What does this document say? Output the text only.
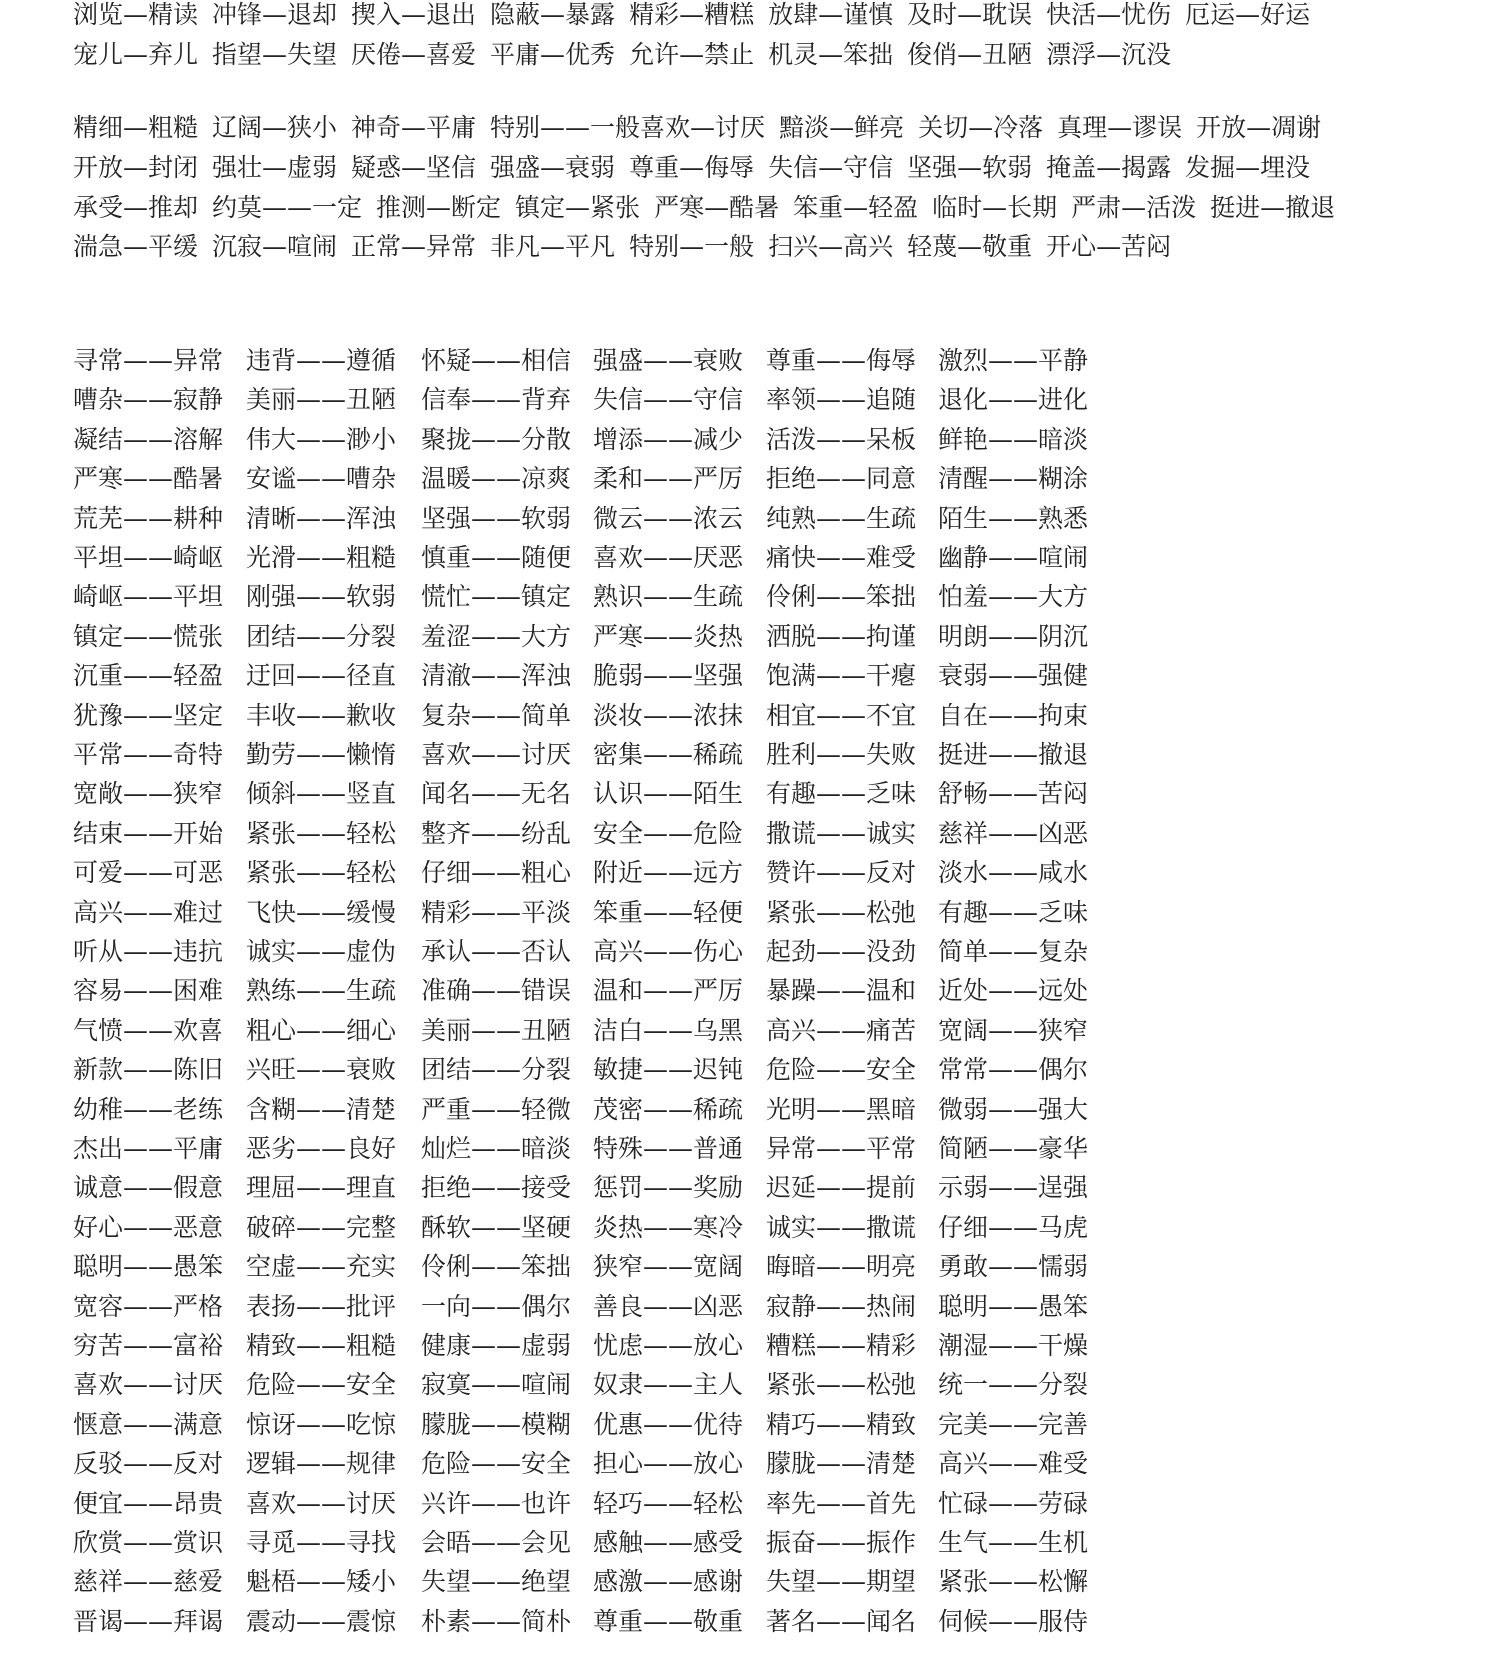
浏览—精读 冲锋—退却 揳入—退出 隐蔽—暴露 精彩—糟糕 放肆—谨慎 及时—耽误 快活—忧伤 厄运—好运
宠儿—弃儿 指望—失望 厌倦—喜爱 平庸—优秀 允许—禁止 机灵—笨拙 俊俏—丑陋 漂浮—沉没
精细—粗糙 辽阔—狭小 神奇—平庸 特别——一般喜欢—讨厌 黯淡—鲜亮 关切—冷落 真理—谬误 开放—凋谢
开放—封闭 强壮—虚弱 疑惑—坚信 强盛—衰弱 尊重—侮辱 失信—守信 坚强—软弱 掩盖—揭露 发掘—埋没
承受—推却 约莫——一定 推测—断定 镇定—紧张 严寒—酷暑 笨重—轻盈 临时—长期 严肃—活泼 挺进—撤退
湍急—平缓 沉寂—喧闹 正常—异常 非凡—平凡 特别—一般 扫兴—高兴 轻蔑—敬重 开心—苦闷
寻常——异常 违背——遵循 怀疑——相信 强盛——衰败 尊重——侮辱 激烈——平静
嘈杂——寂静 美丽——丑陋 信奉——背弃 失信——守信 率领——追随 退化——进化
凝结——溶解 伟大——渺小 聚拢——分散 增添——减少 活泼——呆板 鲜艳——暗淡
严寒——酷暑 安谧——嘈杂 温暖——凉爽 柔和——严厉 拒绝——同意 清醒——糊涂
荒芜——耕种 清晰——浑浊 坚强——软弱 微云——浓云 纯熟——生疏 陌生——熟悉
平坦——崎岖 光滑——粗糙 慎重——随便 喜欢——厌恶 痛快——难受 幽静——喧闹
崎岖——平坦 刚强——软弱 慌忙——镇定 熟识——生疏 伶俐——笨拙 怕羞——大方
镇定——慌张 团结——分裂 羞涩——大方 严寒——炎热 洒脱——拘谨 明朗——阴沉
沉重——轻盈 迂回——径直 清澈——浑浊 脆弱——坚强 饱满——干瘪 衰弱——强健
犹豫——坚定 丰收——歉收 复杂——简单 淡妆——浓抹 相宜——不宜 自在——拘束
平常——奇特 勤劳——懒惰 喜欢——讨厌 密集——稀疏 胜利——失败 挺进——撤退
宽敞——狭窄 倾斜——竖直 闻名——无名 认识——陌生 有趣——乏味 舒畅——苦闷
结束——开始 紧张——轻松 整齐——纷乱 安全——危险 撒谎——诚实 慈祥——凶恶
可爱——可恶 紧张——轻松 仔细——粗心 附近——远方 赞许——反对 淡水——咸水
高兴——难过 飞快——缓慢 精彩——平淡 笨重——轻便 紧张——松弛 有趣——乏味
听从——违抗 诚实——虚伪 承认——否认 高兴——伤心 起劲——没劲 简单——复杂
容易——困难 熟练——生疏 准确——错误 温和——严厉 暴躁——温和 近处——远处
气愤——欢喜 粗心——细心 美丽——丑陋 洁白——乌黑 高兴——痛苦 宽阔——狭窄
新款——陈旧 兴旺——衰败 团结——分裂 敏捷——迟钝 危险——安全 常常——偶尔
幼稚——老练 含糊——清楚 严重——轻微 茂密——稀疏 光明——黑暗 微弱——强大
杰出——平庸 恶劣——良好 灿烂——暗淡 特殊——普通 异常——平常 简陋——豪华
诚意——假意 理屈——理直 拒绝——接受 惩罚——奖励 迟延——提前 示弱——逞强
好心——恶意 破碎——完整 酥软——坚硬 炎热——寒冷 诚实——撒谎 仔细——马虎
聪明——愚笨 空虚——充实 伶俐——笨拙 狭窄——宽阔 晦暗——明亮 勇敢——懦弱
宽容——严格 表扬——批评 一向——偶尔 善良——凶恶 寂静——热闹 聪明——愚笨
穷苦——富裕 精致——粗糙 健康——虚弱 忧虑——放心 糟糕——精彩 潮湿——干燥
喜欢——讨厌 危险——安全 寂寞——喧闹 奴隶——主人 紧张——松弛 统一——分裂
惬意——满意 惊讶——吃惊 朦胧——模糊 优惠——优待 精巧——精致 完美——完善
反驳——反对 逻辑——规律 危险——安全 担心——放心 朦胧——清楚 高兴——难受
便宜——昂贵 喜欢——讨厌 兴许——也许 轻巧——轻松 率先——首先 忙碌——劳碌
欣赏——赏识 寻觅——寻找 会晤——会见 感触——感受 振奋——振作 生气——生机
慈祥——慈爱 魁梧——矮小 失望——绝望 感激——感谢 失望——期望 紧张——松懈
晋谒——拜谒 震动——震惊 朴素——简朴 尊重——敬重 著名——闻名 伺候——服侍
